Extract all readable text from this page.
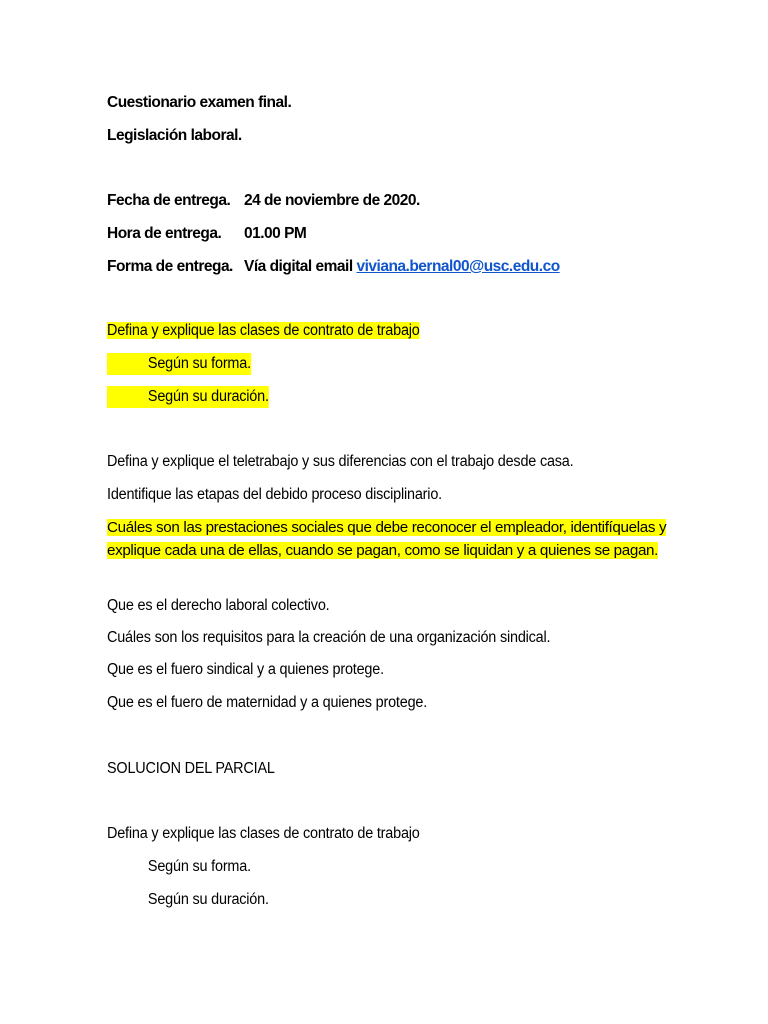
Cuestionario examen final.
Legislación laboral.
Fecha de entrega. 24 de noviembre de 2020.
Hora de entrega. 01.00 PM
Forma de entrega. Vía digital email viviana.bernal00@usc.edu.co
Defina y explique las clases de contrato de trabajo
Según su forma.
Según su duración.
Defina y explique el teletrabajo y sus diferencias con el trabajo desde casa.
Identifique las etapas del debido proceso disciplinario.
Cuáles son las prestaciones sociales que debe reconocer el empleador, identifíquelas y explique cada una de ellas, cuando se pagan, como se liquidan y a quienes se pagan.
Que es el derecho laboral colectivo.
Cuáles son los requisitos para la creación de una organización sindical.
Que es el fuero sindical y a quienes protege.
Que es el fuero de maternidad y a quienes protege.
SOLUCION DEL PARCIAL
Defina y explique las clases de contrato de trabajo
Según su forma.
Según su duración.
